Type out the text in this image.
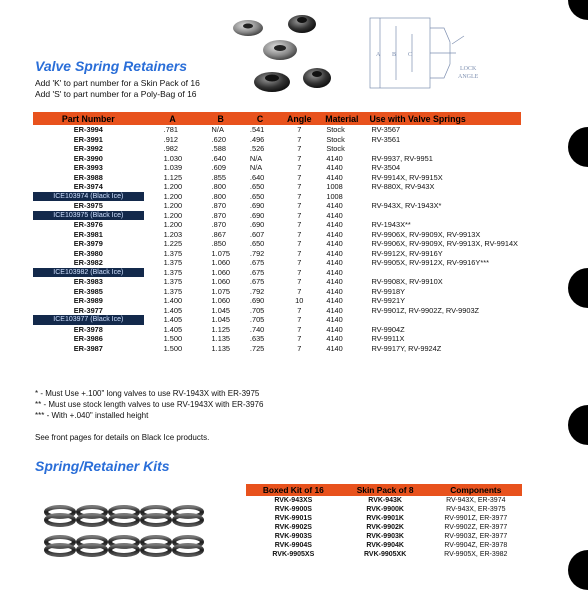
A B C
LOCK
ANGLE
Valve Spring Retainers
Add 'K' to part number for a Skin Pack of 16
Add 'S' to part number for a Poly-Bag of 16
Part Number	A	B	C	Angle	Material	Use with Valve Springs
ER-3994	.781	N/A	.541	7	Stock	RV-3567
ER-3991	.912	.620	.496	7	Stock	RV-3561
ER-3992	.982	.588	.526	7	Stock	
ER-3990	1.030	.640	N/A	7	4140	RV-9937, RV-9951
ER-3993	1.039	.609	N/A	7	4140	RV-3504
ER-3988	1.125	.855	.640	7	4140	RV-9914X, RV-9915X
ER-3974	1.200	.800	.650	7	1008	RV-880X, RV-943X
ICE103974 (Black Ice)	1.200	.800	.650	7	1008	
ER-3975	1.200	.870	.690	7	4140	RV-943X, RV-1943X*
ICE103975 (Black Ice)	1.200	.870	.690	7	4140	
ER-3976	1.200	.870	.690	7	4140	RV-1943X**
ER-3981	1.203	.867	.607	7	4140	RV-9906X, RV-9909X, RV-9913X
ER-3979	1.225	.850	.650	7	4140	RV-9906X, RV-9909X, RV-9913X, RV-9914X
ER-3980	1.375	1.075	.792	7	4140	RV-9912X, RV-9916Y
ER-3982	1.375	1.060	.675	7	4140	RV-9905X, RV-9912X, RV-9916Y***
ICE103982 (Black Ice)	1.375	1.060	.675	7	4140	
ER-3983	1.375	1.060	.675	7	4140	RV-9908X, RV-9910X
ER-3985	1.375	1.075	.792	7	4140	RV-9918Y
ER-3989	1.400	1.060	.690	10	4140	RV-9921Y
ER-3977	1.405	1.045	.705	7	4140	RV-9901Z, RV-9902Z, RV-9903Z
ICE103977 (Black Ice)	1.405	1.045	.705	7	4140	
ER-3978	1.405	1.125	.740	7	4140	RV-9904Z
ER-3986	1.500	1.135	.635	7	4140	RV-9911X
ER-3987	1.500	1.135	.725	7	4140	RV-9917Y, RV-9924Z
* - Must Use +.100" long valves to use RV-1943X with ER-3975
** - Must use stock length valves to use RV-1943X with ER-3976
*** - With +.040" installed height
See front pages for details on Black Ice products.
Spring/Retainer Kits
Boxed Kit of 16	Skin Pack of 8	Components
RVK-943XS	RVK-943K	RV-943X, ER-3974
RVK-9900S	RVK-9900K	RV-943X, ER-3975
RVK-9901S	RVK-9901K	RV-9901Z, ER-3977
RVK-9902S	RVK-9902K	RV-9902Z, ER-3977
RVK-9903S	RVK-9903K	RV-9903Z, ER-3977
RVK-9904S	RVK-9904K	RV-9904Z, ER-3978
RVK-9905XS	RVK-9905XK	RV-9905X, ER-3982
